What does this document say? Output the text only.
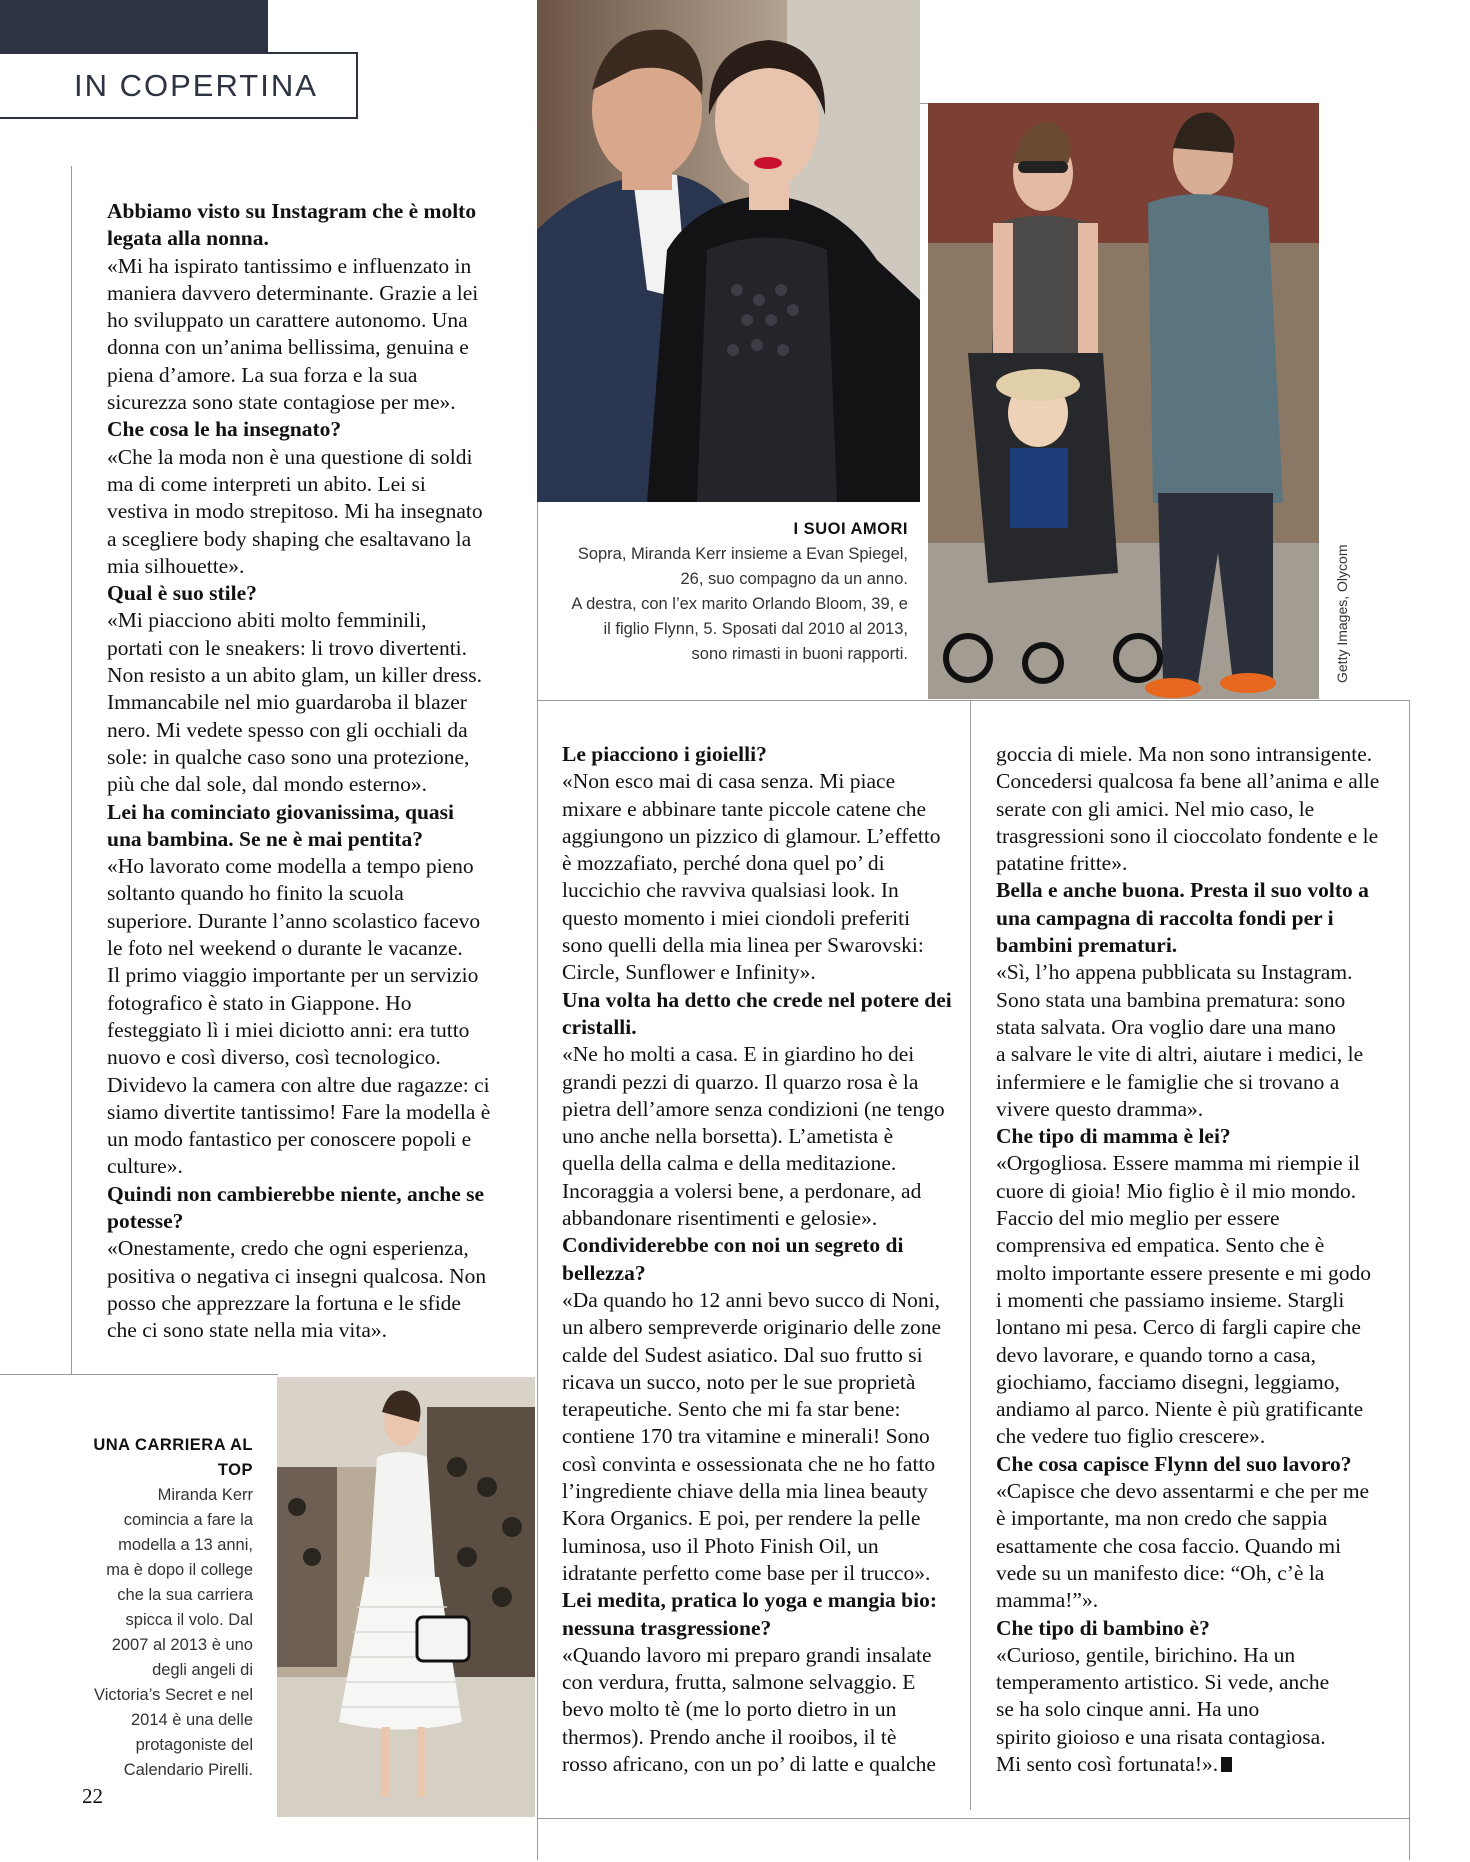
IN COPERTINA
I SUOI AMORI
Sopra, Miranda Kerr insieme a Evan Spiegel,
26, suo compagno da un anno.
A destra, con l’ex marito Orlando Bloom, 39, e
il figlio Flynn, 5. Sposati dal 2010 al 2013,
sono rimasti in buoni rapporti.	Getty Images, Olycom
UNA CARRIERA AL TOP
Miranda Kerr
comincia a fare la
modella a 13 anni,
ma è dopo il college
che la sua carriera
spicca il volo. Dal
2007 al 2013 è uno
degli angeli di
Victoria’s Secret e nel
2014 è una delle
protagoniste del
Calendario Pirelli.

Abbiamo visto su Instagram che è molto

legata alla nonna.

«Mi ha ispirato tantissimo e influenzato in

maniera davvero determinante. Grazie a lei

ho sviluppato un carattere autonomo. Una

donna con un’anima bellissima, genuina e

piena d’amore. La sua forza e la sua

sicurezza sono state contagiose per me».

Che cosa le ha insegnato?

«Che la moda non è una questione di soldi

ma di come interpreti un abito. Lei si

vestiva in modo strepitoso. Mi ha insegnato

a scegliere body shaping che esaltavano la

mia silhouette».

Qual è suo stile?

«Mi piacciono abiti molto femminili,

portati con le sneakers: li trovo divertenti.

Non resisto a un abito glam, un killer dress.

Immancabile nel mio guardaroba il blazer

nero. Mi vedete spesso con gli occhiali da

sole: in qualche caso sono una protezione,

più che dal sole, dal mondo esterno».

Lei ha cominciato giovanissima, quasi

una bambina. Se ne è mai pentita?

«Ho lavorato come modella a tempo pieno

soltanto quando ho finito la scuola

superiore. Durante l’anno scolastico facevo

le foto nel weekend o durante le vacanze.

Il primo viaggio importante per un servizio

fotografico è stato in Giappone. Ho

festeggiato lì i miei diciotto anni: era tutto

nuovo e così diverso, così tecnologico.

Dividevo la camera con altre due ragazze: ci

siamo divertite tantissimo! Fare la modella è

un modo fantastico per conoscere popoli e

culture».

Quindi non cambierebbe niente, anche se

potesse?

«Onestamente, credo che ogni esperienza,

positiva o negativa ci insegni qualcosa. Non

posso che apprezzare la fortuna e le sfide

che ci sono state nella mia vita».

Le piacciono i gioielli?

«Non esco mai di casa senza. Mi piace

mixare e abbinare tante piccole catene che

aggiungono un pizzico di glamour. L’effetto

è mozzafiato, perché dona quel po’ di

luccichio che ravviva qualsiasi look. In

questo momento i miei ciondoli preferiti

sono quelli della mia linea per Swarovski:

Circle, Sunflower e Infinity».

Una volta ha detto che crede nel potere dei

cristalli.

«Ne ho molti a casa. E in giardino ho dei

grandi pezzi di quarzo. Il quarzo rosa è la

pietra dell’amore senza condizioni (ne tengo

uno anche nella borsetta). L’ametista è

quella della calma e della meditazione.

Incoraggia a volersi bene, a perdonare, ad

abbandonare risentimenti e gelosie».

Condividerebbe con noi un segreto di

bellezza?

«Da quando ho 12 anni bevo succo di Noni,

un albero sempreverde originario delle zone

calde del Sudest asiatico. Dal suo frutto si

ricava un succo, noto per le sue proprietà

terapeutiche. Sento che mi fa star bene:

contiene 170 tra vitamine e minerali! Sono

così convinta e ossessionata che ne ho fatto

l’ingrediente chiave della mia linea beauty

Kora Organics. E poi, per rendere la pelle

luminosa, uso il Photo Finish Oil, un

idratante perfetto come base per il trucco».

Lei medita, pratica lo yoga e mangia bio:

nessuna trasgressione?

«Quando lavoro mi preparo grandi insalate

con verdura, frutta, salmone selvaggio. E

bevo molto tè (me lo porto dietro in un

thermos). Prendo anche il rooibos, il tè

rosso africano, con un po’ di latte e qualche

goccia di miele. Ma non sono intransigente.

Concedersi qualcosa fa bene all’anima e alle

serate con gli amici. Nel mio caso, le

trasgressioni sono il cioccolato fondente e le

patatine fritte».

Bella e anche buona. Presta il suo volto a

una campagna di raccolta fondi per i

bambini prematuri.

«Sì, l’ho appena pubblicata su Instagram.

Sono stata una bambina prematura: sono

stata salvata. Ora voglio dare una mano

a salvare le vite di altri, aiutare i medici, le

infermiere e le famiglie che si trovano a

vivere questo dramma».

Che tipo di mamma è lei?

«Orgogliosa. Essere mamma mi riempie il

cuore di gioia! Mio figlio è il mio mondo.

Faccio del mio meglio per essere

comprensiva ed empatica. Sento che è

molto importante essere presente e mi godo

i momenti che passiamo insieme. Stargli

lontano mi pesa. Cerco di fargli capire che

devo lavorare, e quando torno a casa,

giochiamo, facciamo disegni, leggiamo,

andiamo al parco. Niente è più gratificante

che vedere tuo figlio crescere».

Che cosa capisce Flynn del suo lavoro?

«Capisce che devo assentarmi e che per me

è importante, ma non credo che sappia

esattamente che cosa faccio. Quando mi

vede su un manifesto dice: “Oh, c’è la

mamma!”».

Che tipo di bambino è?

«Curioso, gentile, birichino. Ha un

temperamento artistico. Si vede, anche

se ha solo cinque anni. Ha uno

spirito gioioso e una risata contagiosa.

Mi sento così fortunata!».

22
